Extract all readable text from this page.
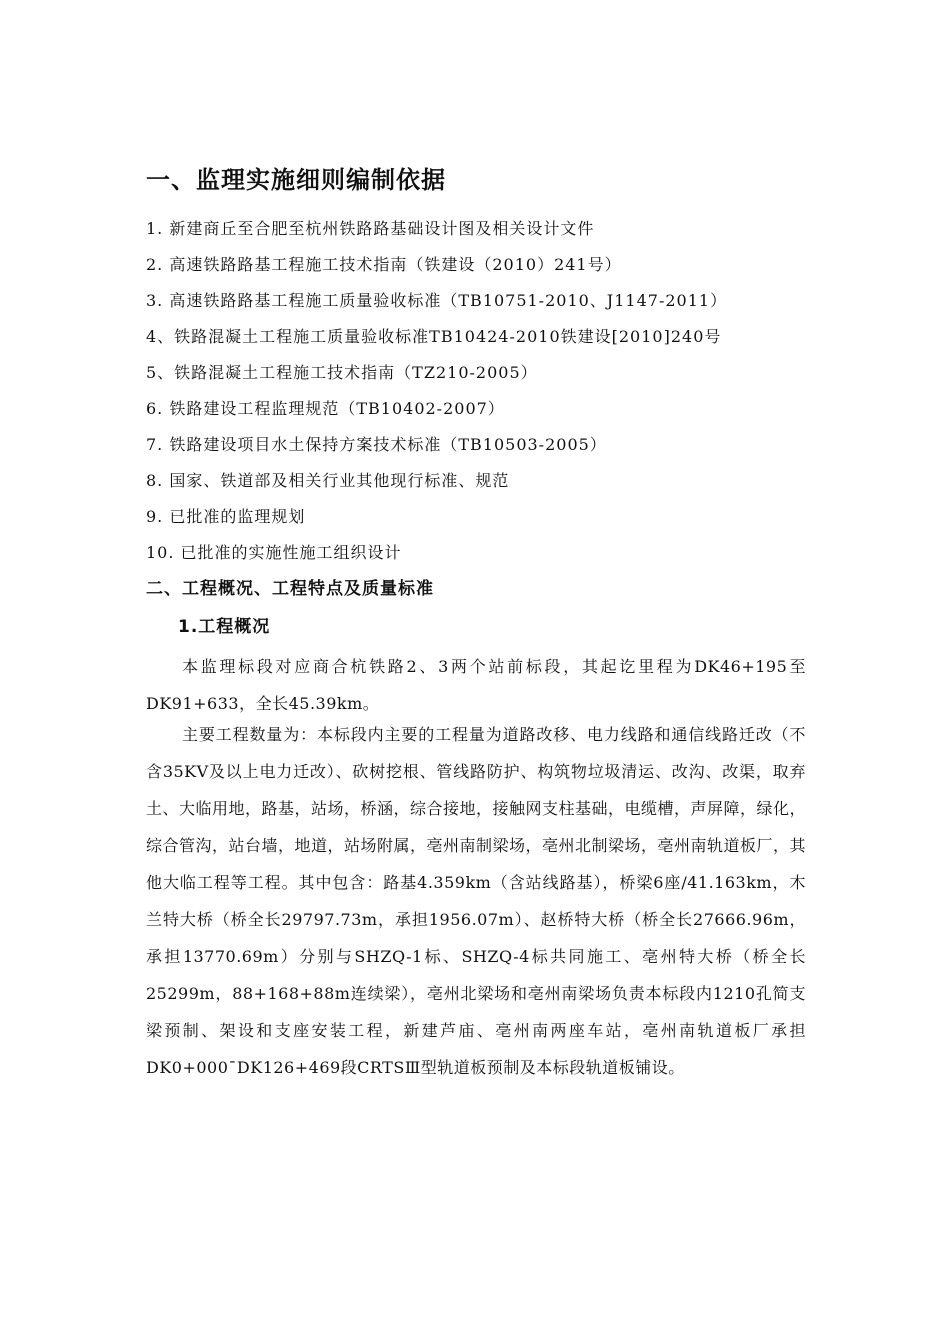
一、监理实施细则编制依据
1. 新建商丘至合肥至杭州铁路路基础设计图及相关设计文件
2. 高速铁路路基工程施工技术指南（铁建设（2010）241号）
3. 高速铁路路基工程施工质量验收标准（TB10751-2010、J1147-2011）
4、铁路混凝土工程施工质量验收标准TB10424-2010铁建设[2010]240号
5、铁路混凝土工程施工技术指南（TZ210-2005）
6. 铁路建设工程监理规范（TB10402-2007）
7. 铁路建设项目水土保持方案技术标准（TB10503-2005）
8. 国家、铁道部及相关行业其他现行标准、规范
9. 已批准的监理规划
10. 已批准的实施性施工组织设计
二、工程概况、工程特点及质量标准
1.工程概况

本监理标段对应商合杭铁路2、3两个站前标段，其起讫里程为DK46+195至DK91+633，全长45.39km。

主要工程数量为：本标段内主要的工程量为道路改移、电力线路和通信线路迁改（不含35KV及以上电力迁改）、砍树挖根、管线路防护、构筑物垃圾清运、改沟、改渠，取弃土、大临用地，路基，站场，桥涵，综合接地，接触网支柱基础，电缆槽，声屏障，绿化，综合管沟，站台墙，地道，站场附属，亳州南制梁场，亳州北制梁场，亳州南轨道板厂，其他大临工程等工程。其中包含：路基4.359km（含站线路基），桥梁6座/41.163km，木兰特大桥（桥全长29797.73m，承担1956.07m）、赵桥特大桥（桥全长27666.96m，承担13770.69m）分别与SHZQ-1标、SHZQ-4标共同施工、亳州特大桥（桥全长25299m，88+168+88m连续梁），亳州北梁场和亳州南梁场负责本标段内1210孔简支梁预制、架设和支座安装工程，新建芦庙、亳州南两座车站，亳州南轨道板厂承担DK0+000¯DK126+469段CRTSⅢ型轨道板预制及本标段轨道板铺设。
